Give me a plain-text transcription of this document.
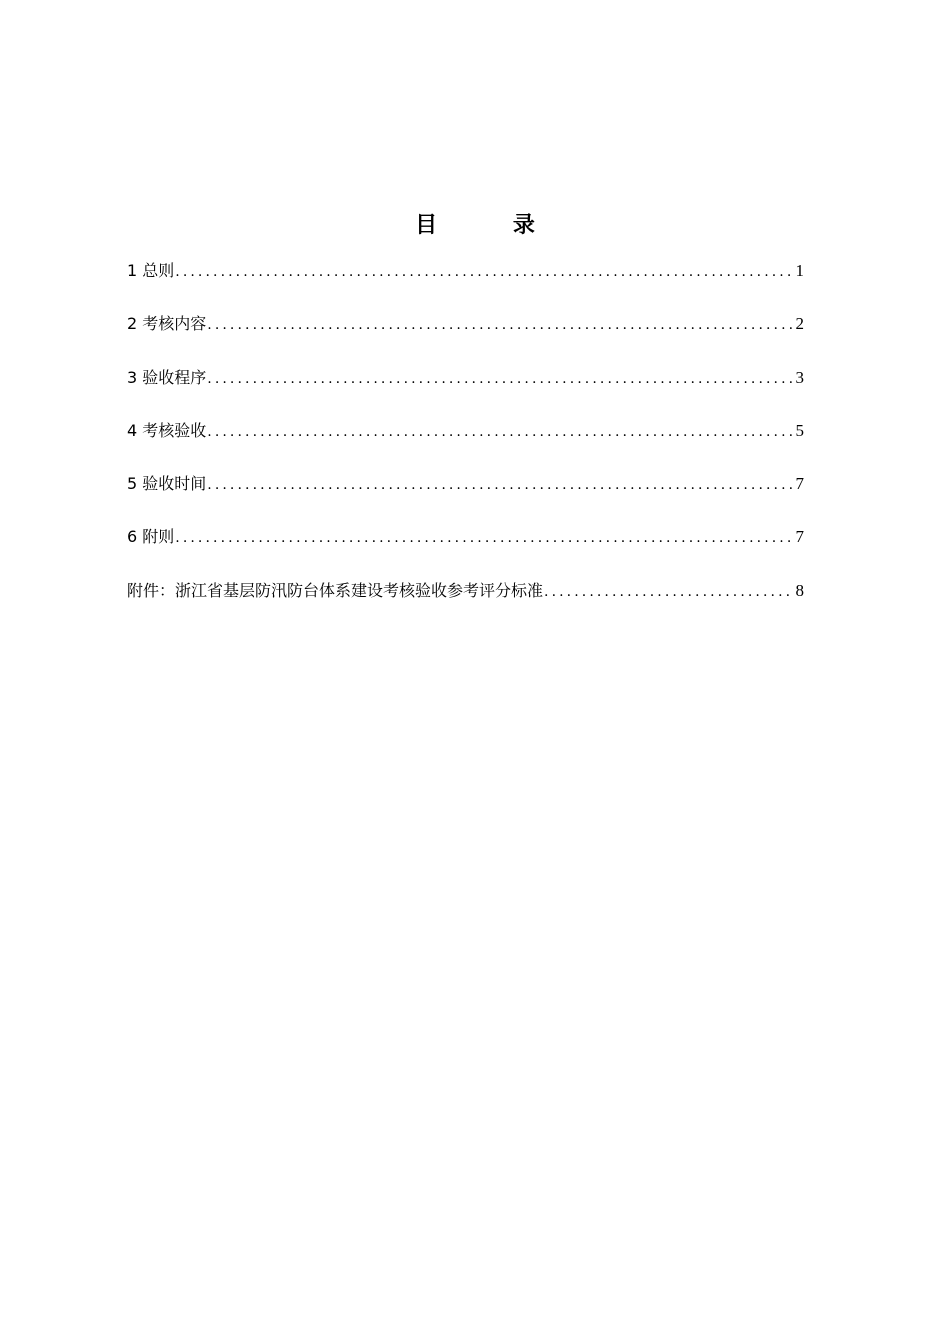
目 录
1 总则 .....	1
2 考核内容 .....	2
3 验收程序 .....	3
4 考核验收 .....	5
5 验收时间 .....	7
6 附则 .....	7
附件：浙江省基层防汛防台体系建设考核验收参考评分标准 .....	8
